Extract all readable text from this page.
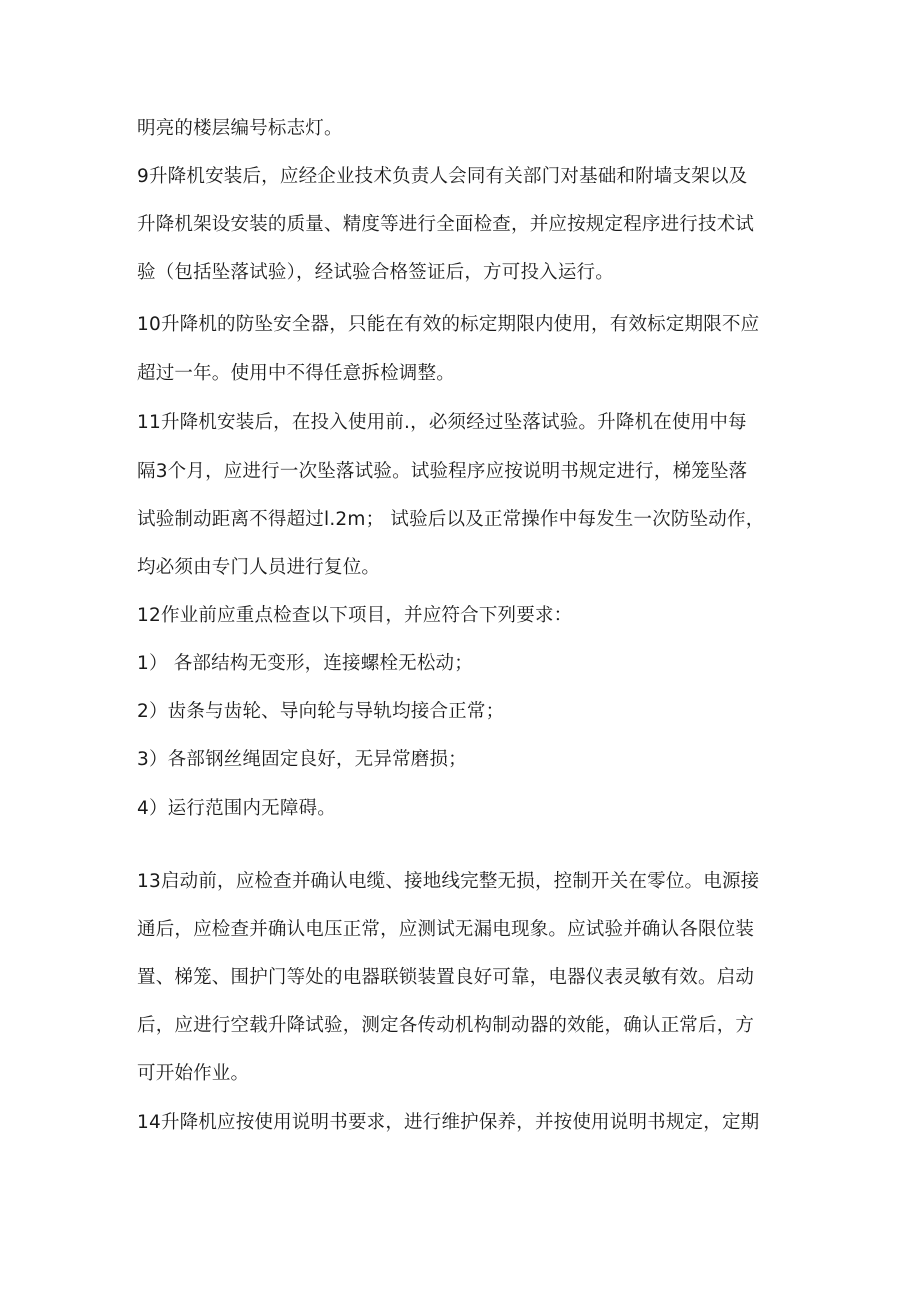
明亮的楼层编号标志灯。
9升降机安装后，应经企业技术负责人会同有关部门对基础和附墙支架以及
升降机架设安装的质量、精度等进行全面检查，并应按规定程序进行技术试
验（包括坠落试验），经试验合格签证后，方可投入运行。
10升降机的防坠安全器，只能在有效的标定期限内使用，有效标定期限不应
超过一年。使用中不得任意拆检调整。
11升降机安装后，在投入使用前.，必须经过坠落试验。升降机在使用中每
隔3个月，应进行一次坠落试验。试验程序应按说明书规定进行，梯笼坠落
试验制动距离不得超过l.2m； 试验后以及正常操作中每发生一次防坠动作，
均必须由专门人员进行复位。
12作业前应重点检查以下项目，并应符合下列要求：
1） 各部结构无变形，连接螺栓无松动；
2）齿条与齿轮、导向轮与导轨均接合正常；
3）各部钢丝绳固定良好，无异常磨损；
4）运行范围内无障碍。
13启动前，应检查并确认电缆、接地线完整无损，控制开关在零位。电源接
通后，应检查并确认电压正常，应测试无漏电现象。应试验并确认各限位装
置、梯笼、围护门等处的电器联锁装置良好可靠，电器仪表灵敏有效。启动
后，应进行空载升降试验，测定各传动机构制动器的效能，确认正常后，方
可开始作业。
14升降机应按使用说明书要求，进行维护保养，并按使用说明书规定，定期
